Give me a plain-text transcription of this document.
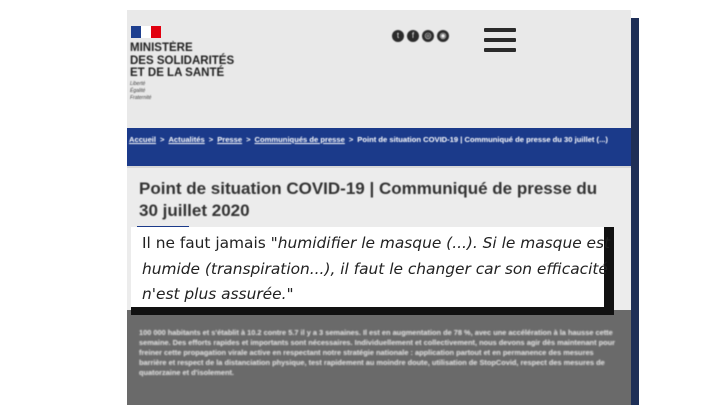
MINISTÈRE
DES SOLIDARITÉS
ET DE LA SANTÉ
Liberté
Égalité
Fraternité
t	f	◎	◉
Accueil > Actualités > Presse > Communiqués de presse > Point de situation COVID-19 | Communiqué de presse du 30 juillet (...)
Point de situation COVID-19 | Communiqué de presse du 30 juillet 2020
100 000 habitants et s'établit à 10.2 contre 5.7 il y a 3 semaines. Il est en augmentation de 78 %, avec une accélération à la hausse cette semaine. Des efforts rapides et importants sont nécessaires. Individuellement et collectivement, nous devons agir dès maintenant pour freiner cette propagation virale active en respectant notre stratégie nationale : application partout et en permanence des mesures barrière et respect de la distanciation physique, test rapidement au moindre doute, utilisation de StopCovid, respect des mesures de quatorzaine et d'isolement.
Il ne faut jamais "humidifier le masque (...). Si le masque est humide (transpiration...), il faut le changer car son efficacité n'est plus assurée."
